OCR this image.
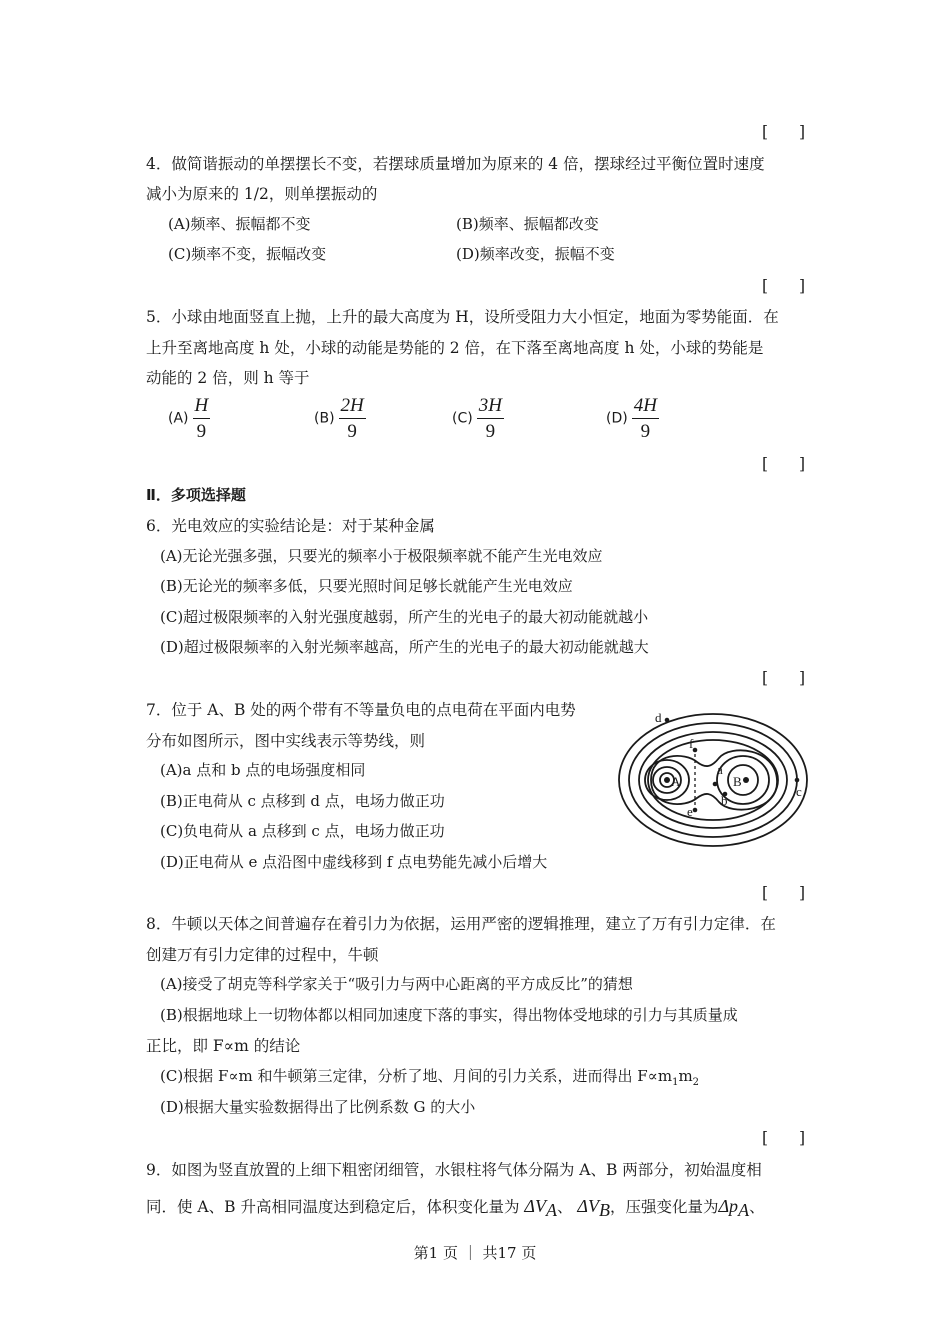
[　　]
[　　]
[　　]
[　　]
[　　]
[　　]
4．做简谐振动的单摆摆长不变，若摆球质量增加为原来的 4 倍，摆球经过平衡位置时速度
减小为原来的 1/2，则单摆振动的
(A)频率、振幅都不变	(B)频率、振幅都改变
(C)频率不变，振幅改变	(D)频率改变，振幅不变
5．小球由地面竖直上抛，上升的最大高度为 H，设所受阻力大小恒定，地面为零势能面．在
上升至离地高度 h 处，小球的动能是势能的 2 倍，在下落至离地高度 h 处，小球的势能是
动能的 2 倍，则 h 等于
$(A) \frac{H}{9}$	$(B) \frac{2H}{9}$	$(C) \frac{3H}{9}$	$(D) \frac{4H}{9}$
Ⅱ．多项选择题
6．光电效应的实验结论是：对于某种金属
(A)无论光强多强，只要光的频率小于极限频率就不能产生光电效应
(B)无论光的频率多低，只要光照时间足够长就能产生光电效应
(C)超过极限频率的入射光强度越弱，所产生的光电子的最大初动能就越小
(D)超过极限频率的入射光频率越高，所产生的光电子的最大初动能就越大
7．位于 A、B 处的两个带有不等量负电的点电荷在平面内电势
分布如图所示，图中实线表示等势线，则
(A)a 点和 b 点的电场强度相同
(B)正电荷从 c 点移到 d 点，电场力做正功
(C)负电荷从 a 点移到 c 点，电场力做正功
(D)正电荷从 e 点沿图中虚线移到 f 点电势能先减小后增大
d
f
a
A	B
b
c
e
8．牛顿以天体之间普遍存在着引力为依据，运用严密的逻辑推理，建立了万有引力定律．在
创建万有引力定律的过程中，牛顿
(A)接受了胡克等科学家关于“吸引力与两中心距离的平方成反比”的猜想
(B)根据地球上一切物体都以相同加速度下落的事实，得出物体受地球的引力与其质量成
正比，即 F∝m 的结论
(C)根据 F∝m 和牛顿第三定律，分析了地、月间的引力关系，进而得出 $F\propto m_1m_2$
(D)根据大量实验数据得出了比例系数 G 的大小
9．如图为竖直放置的上细下粗密闭细管，水银柱将气体分隔为 A、B 两部分，初始温度相
同．使 A、B 升高相同温度达到稳定后，体积变化量为 $\Delta V_A$、 $\Delta V_B$，压强变化量为$\Delta p_A$、
第1 页 ｜ 共17 页
